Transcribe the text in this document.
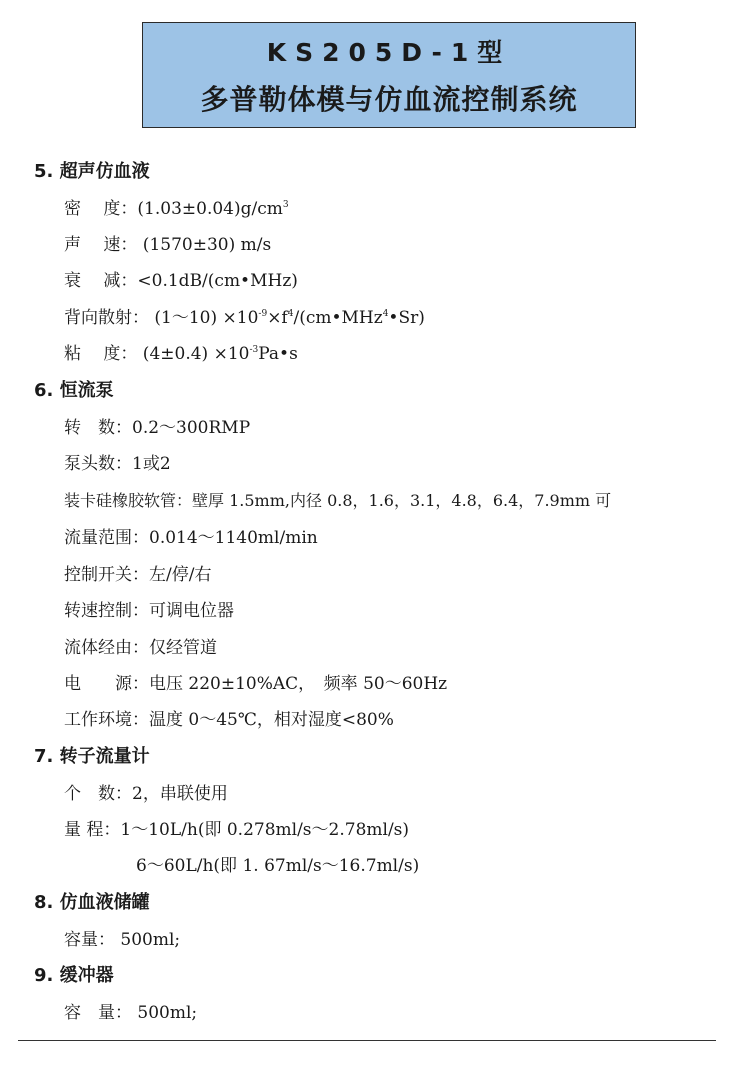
KS205D-1型
多普勒体模与仿血流控制系统
5. 超声仿血液
密　 度：$(1.03\pm 0.04)g/cm^3$
声　 速： (1570±30) m/s
衰　 减：<0.1dB/(cm•MHz)
背向散射： (1～10) $\times 10^{-9}\times f^4/(cm•MHz^4•Sr)$
粘　 度： $(4\pm 0.4) \times 10^{-3}Pa•s$
6. 恒流泵
转　数：0.2～300RMP
泵头数：1或2
装卡硅橡胶软管：壁厚 1.5mm,内径 0.8，1.6，3.1，4.8，6.4，7.9mm 可
流量范围：0.014～1140ml/min
控制开关：左/停/右
转速控制：可调电位器
流体经由：仅经管道
电　　源：电压 220±10%AC，　频率 50～60Hz
工作环境：温度 0～45℃，相对湿度<80%
7. 转子流量计
个　数：2，串联使用
量 程：1～10L/h(即 0.278ml/s～2.78ml/s)
6～60L/h(即 1. 67ml/s～16.7ml/s)
8. 仿血液储罐
容量： 500ml;
9. 缓冲器
容　量： 500ml;
